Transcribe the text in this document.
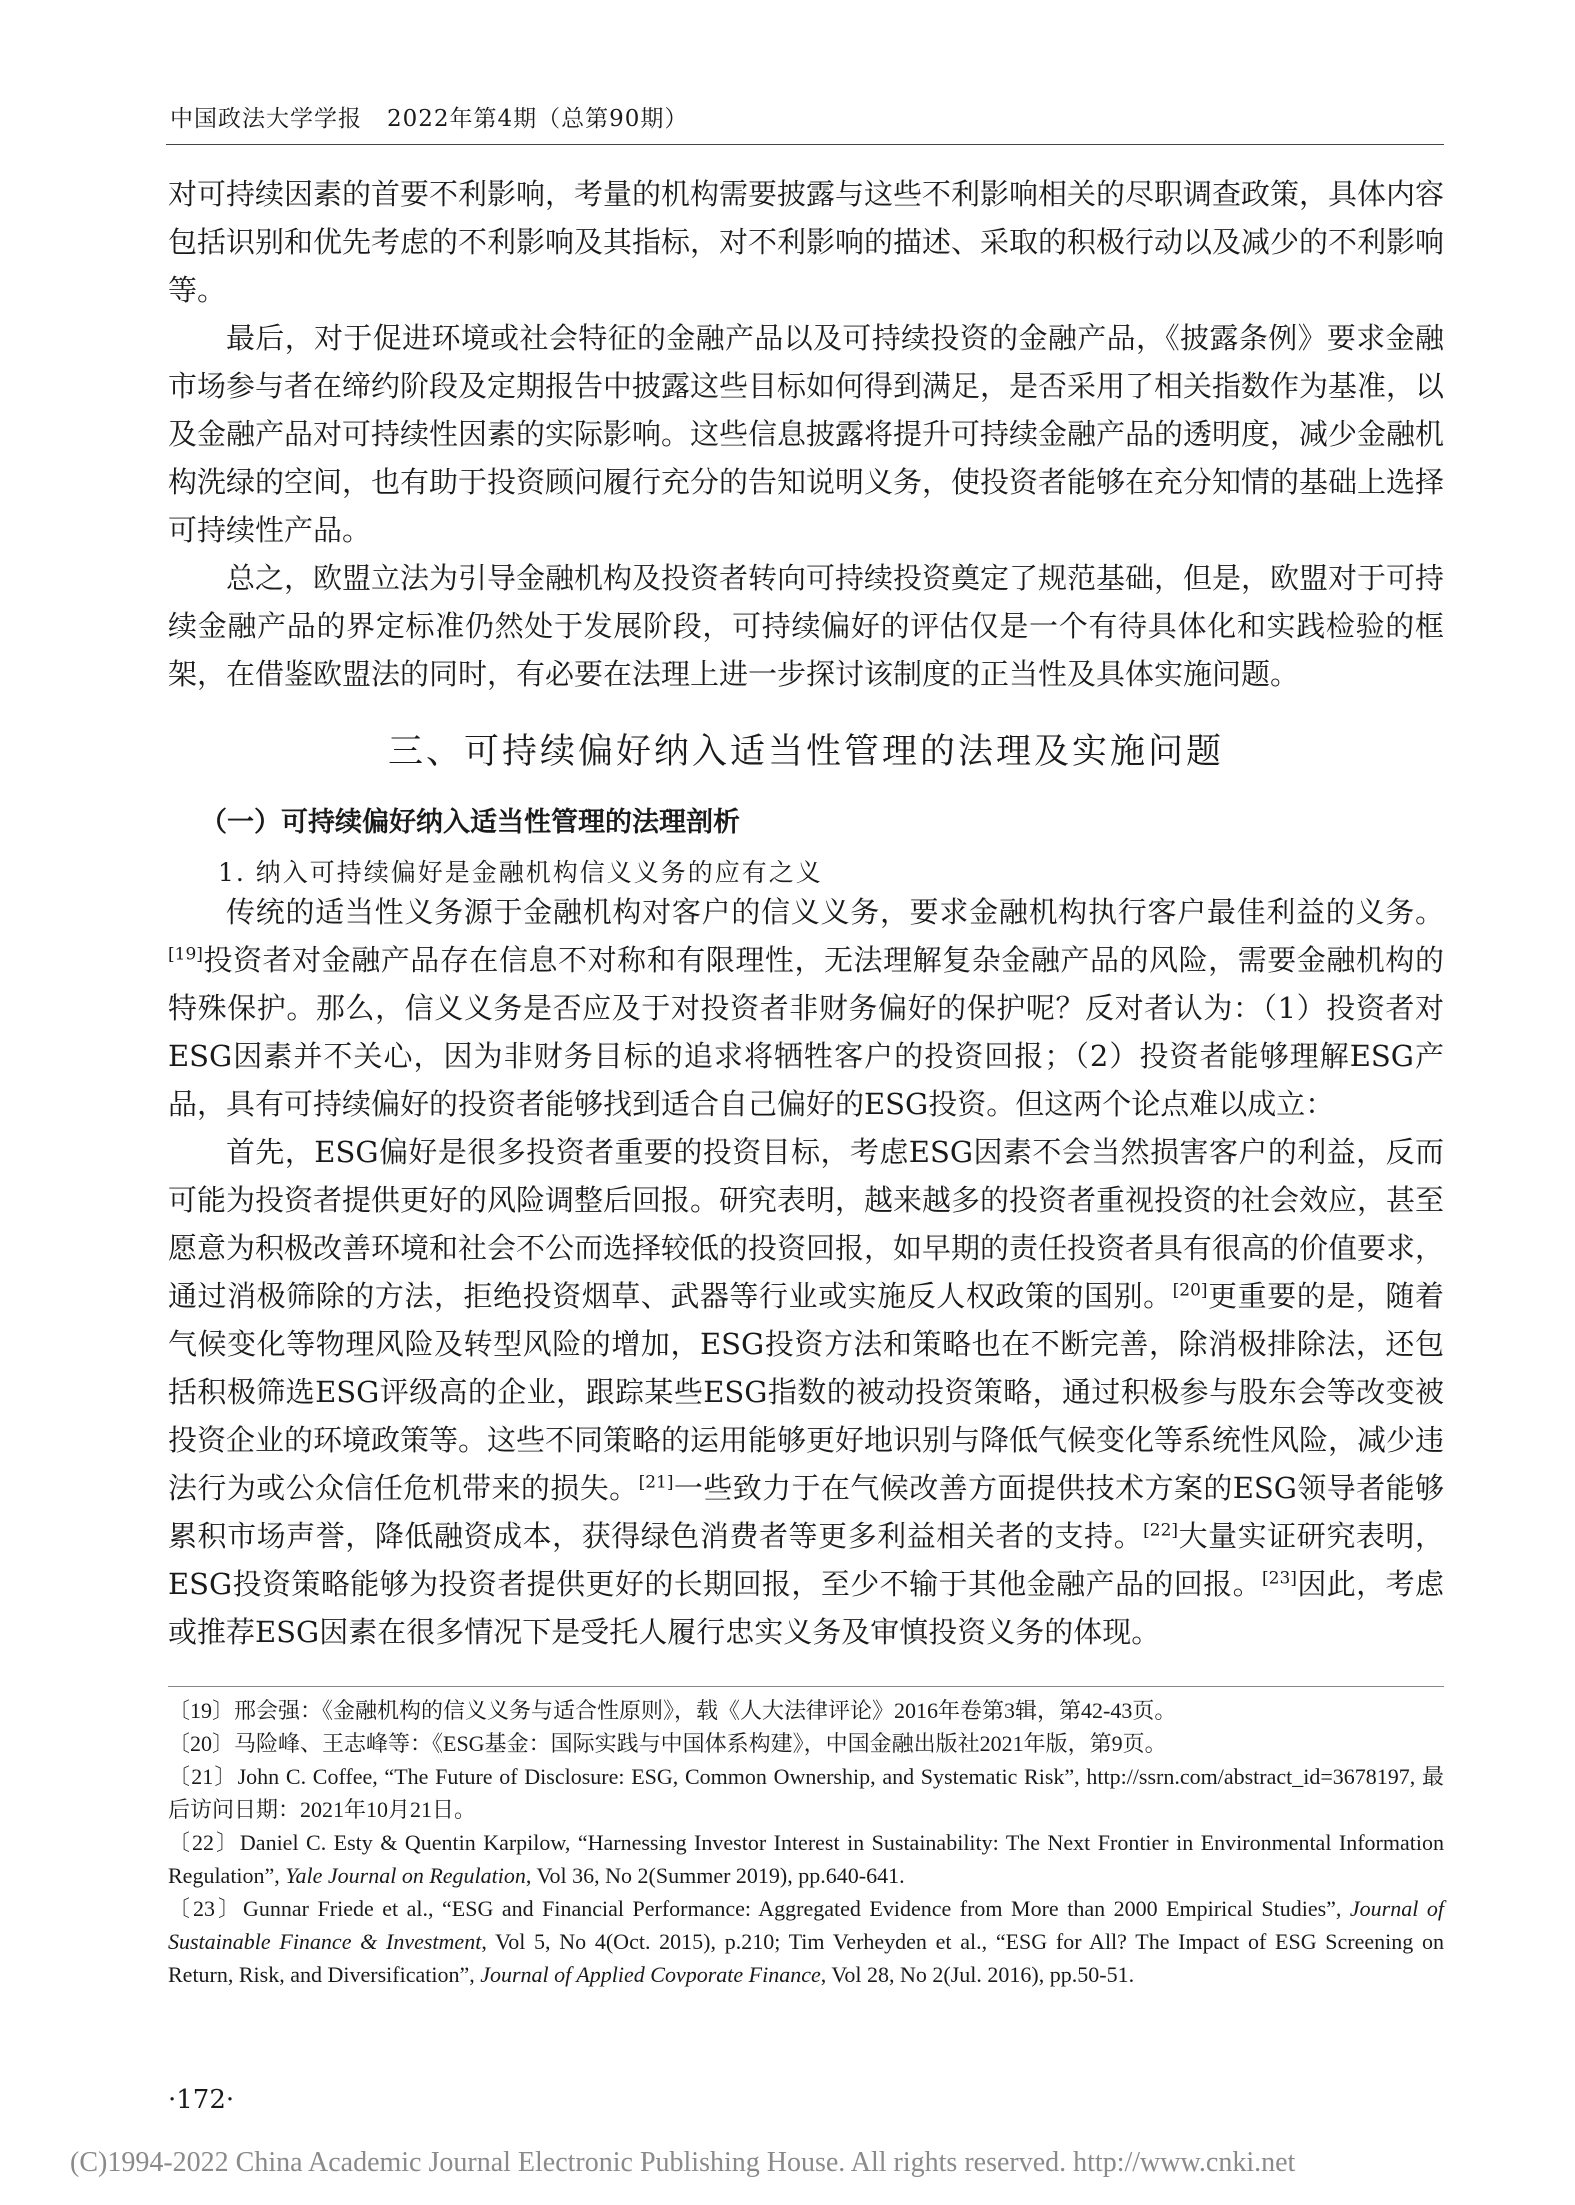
中国政法大学学报 2022年第4期（总第90期）

对可持续因素的首要不利影响，考量的机构需要披露与这些不利影响相关的尽职调查政策，具体内容包括识别和优先考虑的不利影响及其指标，对不利影响的描述、采取的积极行动以及减少的不利影响等。

最后，对于促进环境或社会特征的金融产品以及可持续投资的金融产品，《披露条例》要求金融市场参与者在缔约阶段及定期报告中披露这些目标如何得到满足，是否采用了相关指数作为基准，以及金融产品对可持续性因素的实际影响。这些信息披露将提升可持续金融产品的透明度，减少金融机构洗绿的空间，也有助于投资顾问履行充分的告知说明义务，使投资者能够在充分知情的基础上选择可持续性产品。

总之，欧盟立法为引导金融机构及投资者转向可持续投资奠定了规范基础，但是，欧盟对于可持续金融产品的界定标准仍然处于发展阶段，可持续偏好的评估仅是一个有待具体化和实践检验的框架，在借鉴欧盟法的同时，有必要在法理上进一步探讨该制度的正当性及具体实施问题。

三、可持续偏好纳入适当性管理的法理及实施问题
（一）可持续偏好纳入适当性管理的法理剖析
1. 纳入可持续偏好是金融机构信义义务的应有之义

传统的适当性义务源于金融机构对客户的信义义务，要求金融机构执行客户最佳利益的义务。[19]投资者对金融产品存在信息不对称和有限理性，无法理解复杂金融产品的风险，需要金融机构的特殊保护。那么，信义义务是否应及于对投资者非财务偏好的保护呢？反对者认为：（1）投资者对ESG因素并不关心，因为非财务目标的追求将牺牲客户的投资回报；（2）投资者能够理解ESG产品，具有可持续偏好的投资者能够找到适合自己偏好的ESG投资。但这两个论点难以成立：

首先，ESG偏好是很多投资者重要的投资目标，考虑ESG因素不会当然损害客户的利益，反而可能为投资者提供更好的风险调整后回报。研究表明，越来越多的投资者重视投资的社会效应，甚至愿意为积极改善环境和社会不公而选择较低的投资回报，如早期的责任投资者具有很高的价值要求，通过消极筛除的方法，拒绝投资烟草、武器等行业或实施反人权政策的国别。[20]更重要的是，随着气候变化等物理风险及转型风险的增加，ESG投资方法和策略也在不断完善，除消极排除法，还包括积极筛选ESG评级高的企业，跟踪某些ESG指数的被动投资策略，通过积极参与股东会等改变被投资企业的环境政策等。这些不同策略的运用能够更好地识别与降低气候变化等系统性风险，减少违法行为或公众信任危机带来的损失。[21]一些致力于在气候改善方面提供技术方案的ESG领导者能够累积市场声誉，降低融资成本，获得绿色消费者等更多利益相关者的支持。[22]大量实证研究表明，ESG投资策略能够为投资者提供更好的长期回报，至少不输于其他金融产品的回报。[23]因此，考虑或推荐ESG因素在很多情况下是受托人履行忠实义务及审慎投资义务的体现。

〔19〕邢会强：《金融机构的信义义务与适合性原则》，载《人大法律评论》2016年卷第3辑，第42-43页。

〔20〕马险峰、王志峰等：《ESG基金：国际实践与中国体系构建》，中国金融出版社2021年版，第9页。

〔21〕John C. Coffee, “The Future of Disclosure: ESG, Common Ownership, and Systematic Risk”, http://ssrn.com/abstract_id=3678197, 最后访问日期：2021年10月21日。

〔22〕Daniel C. Esty & Quentin Karpilow, “Harnessing Investor Interest in Sustainability: The Next Frontier in Environmental Information Regulation”, Yale Journal on Regulation, Vol 36, No 2(Summer 2019), pp.640-641.

〔23〕Gunnar Friede et al., “ESG and Financial Performance: Aggregated Evidence from More than 2000 Empirical Studies”, Journal of Sustainable Finance & Investment, Vol 5, No 4(Oct. 2015), p.210; Tim Verheyden et al., “ESG for All? The Impact of ESG Screening on Return, Risk, and Diversification”, Journal of Applied Covporate Finance, Vol 28, No 2(Jul. 2016), pp.50-51.

·172·
(C)1994-2022 China Academic Journal Electronic Publishing House. All rights reserved. http://www.cnki.net
